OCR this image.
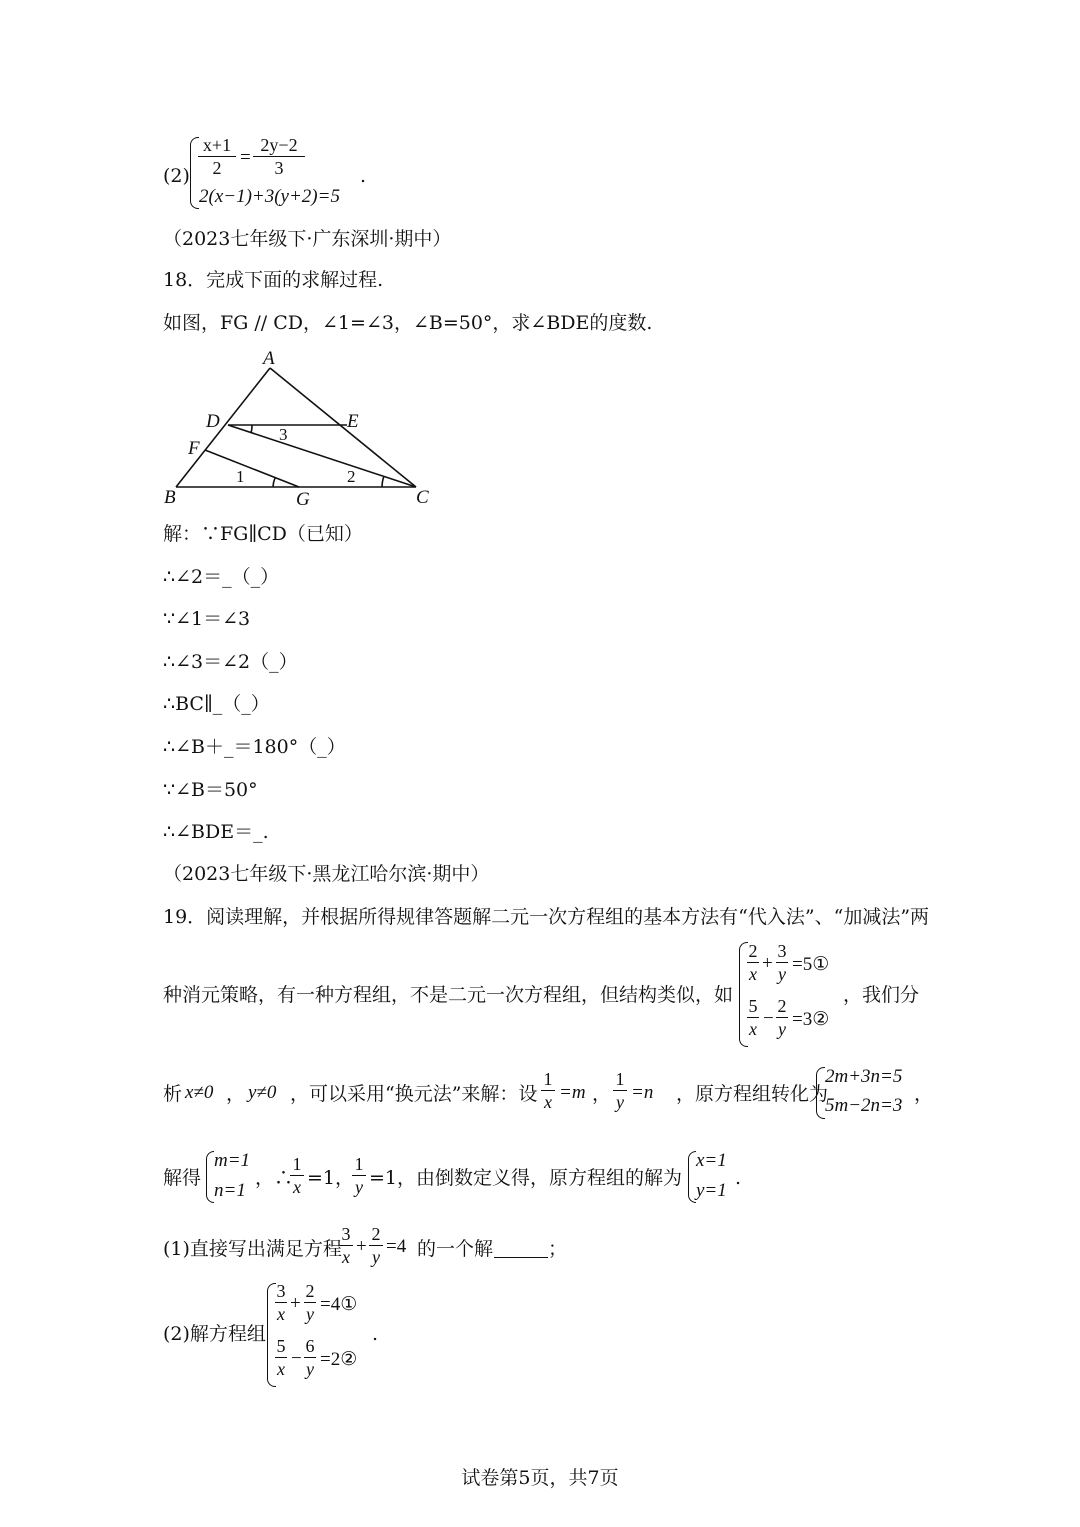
(2)
x+1
2 =
2y−2
3
2(x−1)+3(y+2)=5
.
（2023七年级下·广东深圳·期中）
18．完成下面的求解过程.
如图，FG // CD，∠1=∠3，∠B=50°，求∠BDE的度数.
A
D	E
F
B	G	C
3
1	2
解：∵FG∥CD（已知）
∴∠2＝_（_）
∵∠1＝∠3
∴∠3＝∠2（_）
∴BC∥_（_）
∴∠B＋_＝180°（_）
∵∠B＝50°
∴∠BDE＝_.
（2023七年级下·黑龙江哈尔滨·期中）
19．阅读理解，并根据所得规律答题解二元一次方程组的基本方法有“代入法”、“加减法”两
种消元策略，有一种方程组，不是二元一次方程组，但结构类似，如
2
x +
3
y =5①
5
x −
2
y =3②
，我们分
析 x≠0 ， y≠0 ，可以采用“换元法”来解：设
1
x =m ，
1
y =n ，原方程组转化为
2m+3n=5
5m−2n=3
，
解得
m=1
n=1
，∴
1
x =1，
1
y =1，由倒数定义得，原方程组的解为
x=1
y=1
.
(1)直接写出满足方程
3
x +
2
y =4 的一个解	；
(2)解方程组
3
x +
2
y =4①
5
x −
6
y =2②
.
试卷第5页，共7页
